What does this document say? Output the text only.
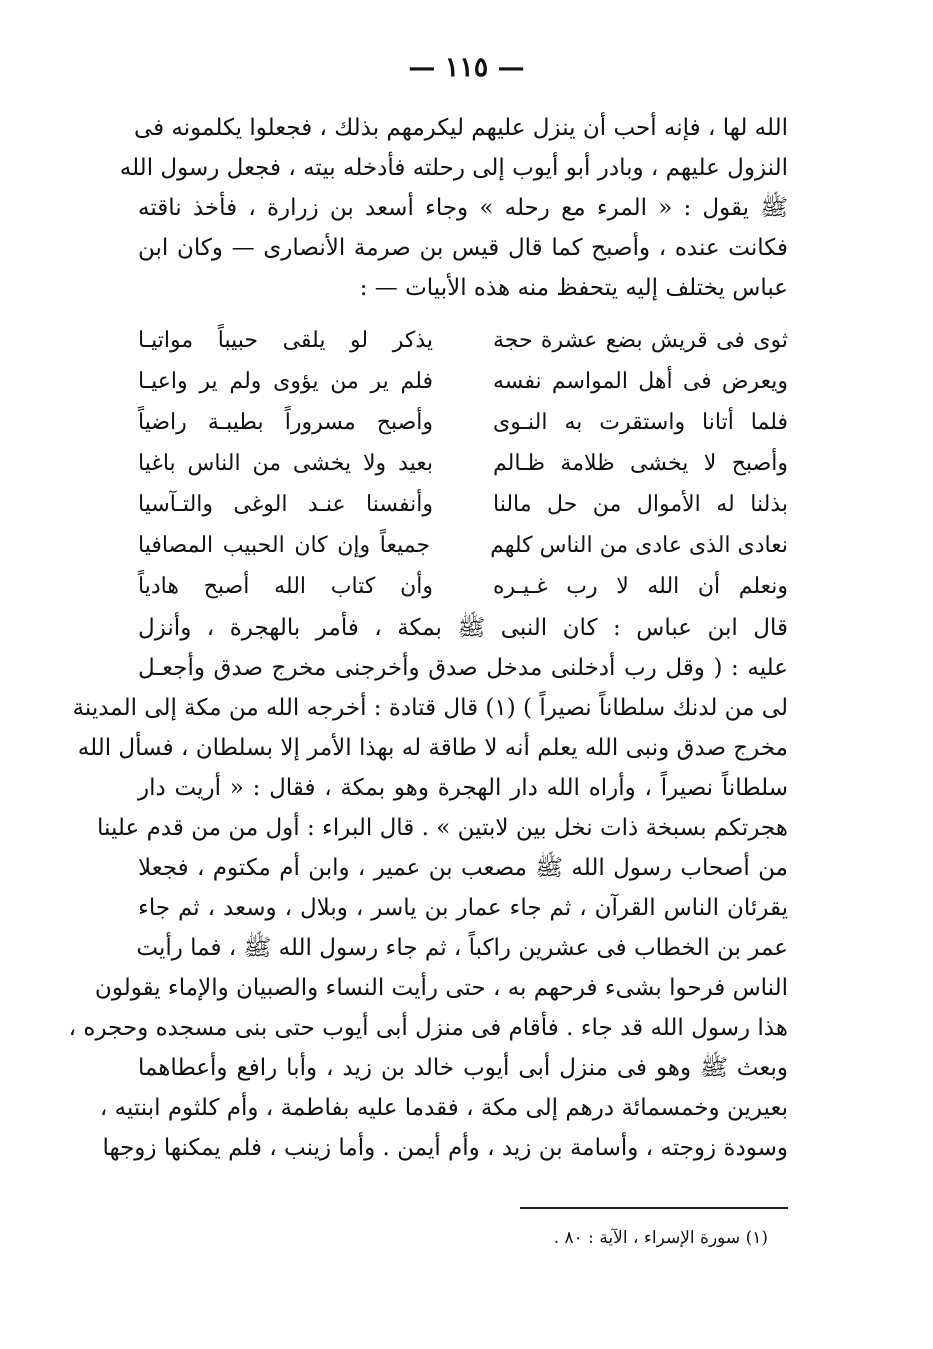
— ١١٥ —
الله لها ، فإنه أحب أن ينزل عليهم ليكرمهم بذلك ، فجعلوا يكلمونه فى
النزول عليهم ، وبادر أبو أيوب إلى رحلته فأدخله بيته ، فجعل رسول الله
ﷺ يقول : « المرء مع رحله » وجاء أسعد بن زرارة ، فأخذ ناقته
فكانت عنده ، وأصبح كما قال قيس بن صرمة الأنصارى — وكان ابن
عباس يختلف إليه يتحفظ منه هذه الأبيات — :
ثوى فى قريش بضع عشرة حجة
يذكر لو يلقى حبيباً مواتيـا
ويعرض فى أهل المواسم نفسه
فلم ير من يؤوى ولم ير واعيـا
فلما أتانا واستقرت به النـوى
وأصبح مسروراً بطيبـة راضياً
وأصبح لا يخشى ظلامة ظـالم
بعيد ولا يخشى من الناس باغيا
بذلنا له الأموال من حل مالنا
وأنفسنا عنـد الوغى والتـآسيا
نعادى الذى عادى من الناس كلهم
جميعاً وإن كان الحبيب المصافيا
ونعلم أن الله لا رب غـيـره
وأن كتاب الله أصبح هادياً
قال ابن عباس : كان النبى ﷺ بمكة ، فأمر بالهجرة ، وأنزل
عليه : ( وقل رب أدخلنى مدخل صدق وأخرجنى مخرج صدق وأجعـل
لى من لدنك سلطاناً نصيراً ) (١) قال قتادة : أخرجه الله من مكة إلى المدينة
مخرج صدق ونبى الله يعلم أنه لا طاقة له بهذا الأمر إلا بسلطان ، فسأل الله
سلطاناً نصيراً ، وأراه الله دار الهجرة وهو بمكة ، فقال : « أريت دار
هجرتكم بسبخة ذات نخل بين لابتين » . قال البراء : أول من من قدم علينا
من أصحاب رسول الله ﷺ مصعب بن عمير ، وابن أم مكتوم ، فجعلا
يقرئان الناس القرآن ، ثم جاء عمار بن ياسر ، وبلال ، وسعد ، ثم جاء
عمر بن الخطاب فى عشرين راكباً ، ثم جاء رسول الله ﷺ ، فما رأيت
الناس فرحوا بشىء فرحهم به ، حتى رأيت النساء والصبيان والإماء يقولون
هذا رسول الله قد جاء . فأقام فى منزل أبى أيوب حتى بنى مسجده وحجره ،
وبعث ﷺ وهو فى منزل أبى أيوب خالد بن زيد ، وأبا رافع وأعطاهما
بعيرين وخمسمائة درهم إلى مكة ، فقدما عليه بفاطمة ، وأم كلثوم ابنتيه ،
وسودة زوجته ، وأسامة بن زيد ، وأم أيمن . وأما زينب ، فلم يمكنها زوجها
(١) سورة الإسراء ، الآية : ٨٠ .
